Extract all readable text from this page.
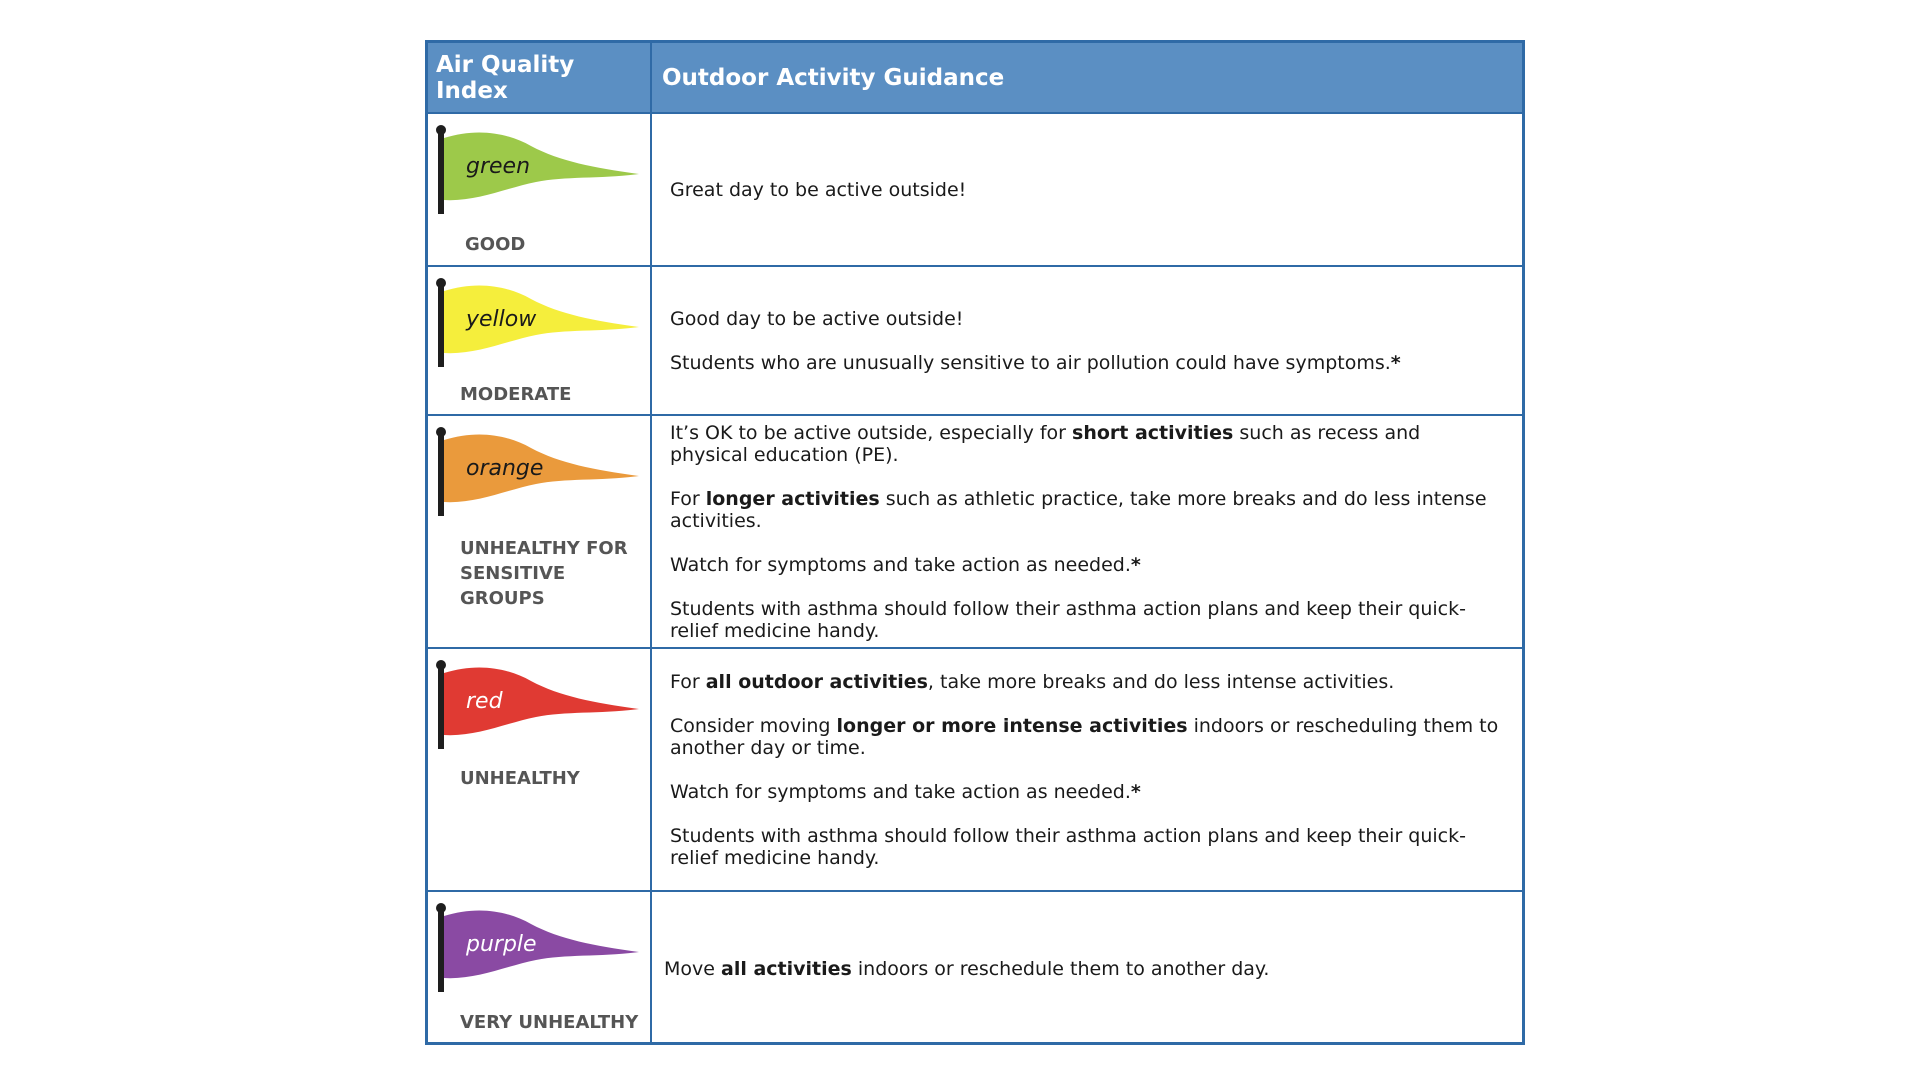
Air Quality Index	Outdoor Activity Guidance
green
GOOD

Great day to be active outside!

yellow
MODERATE

Good day to be active outside!

Students who are unusually sensitive to air pollution could have symptoms.*

orange
UNHEALTHY FOR SENSITIVE GROUPS

It’s OK to be active outside, especially for short activities such as recess and physical education (PE).

For longer activities such as athletic practice, take more breaks and do less intense activities.

Watch for symptoms and take action as needed.*

Students with asthma should follow their asthma action plans and keep their quick-relief medicine handy.

red
UNHEALTHY

For all outdoor activities, take more breaks and do less intense activities.

Consider moving longer or more intense activities indoors or rescheduling them to another day or time.

Watch for symptoms and take action as needed.*

Students with asthma should follow their asthma action plans and keep their quick-relief medicine handy.

purple
VERY UNHEALTHY

Move all activities indoors or reschedule them to another day.
